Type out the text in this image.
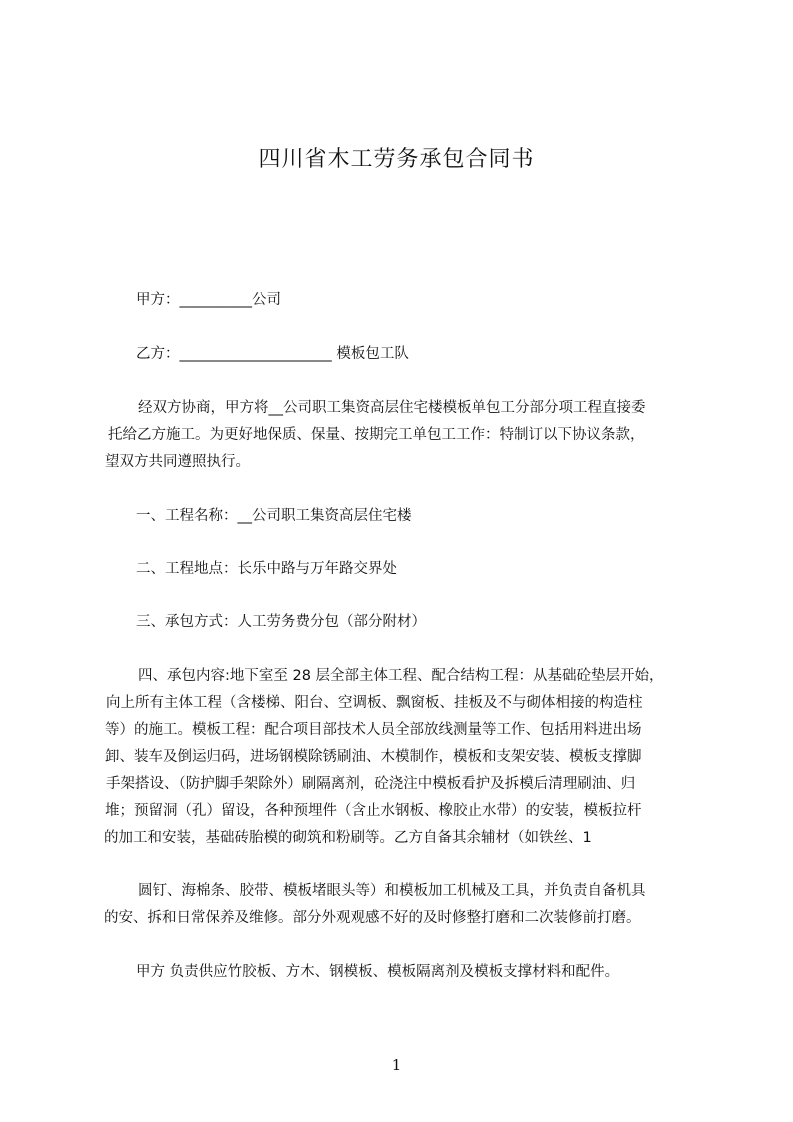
四川省木工劳务承包合同书
甲方：__________公司
乙方：_____________________ 模板包工队
经双方协商，甲方将__公司职工集资高层住宅楼模板单包工分部分项工程直接委
托给乙方施工。为更好地保质、保量、按期完工单包工工作：特制订以下协议条款，
望双方共同遵照执行。
一、工程名称：__公司职工集资高层住宅楼
二、工程地点：长乐中路与万年路交界处
三、承包方式：人工劳务费分包（部分附材）
四、承包内容:地下室至 28 层全部主体工程、配合结构工程：从基础砼垫层开始，
向上所有主体工程（含楼梯、阳台、空调板、飘窗板、挂板及不与砌体相接的构造柱
等）的施工。模板工程：配合项目部技术人员全部放线测量等工作、包括用料进出场
卸、装车及倒运归码，进场钢模除锈刷油、木模制作，模板和支架安装、模板支撑脚
手架搭设、（防护脚手架除外）刷隔离剂，砼浇注中模板看护及拆模后清理刷油、归
堆；预留洞（孔）留设，各种预埋件（含止水钢板、橡胶止水带）的安装，模板拉杆
的加工和安装，基础砖胎模的砌筑和粉刷等。乙方自备其余辅材（如铁丝、1
圆钉、海棉条、胶带、模板堵眼头等）和模板加工机械及工具，并负责自备机具
的安、拆和日常保养及维修。部分外观观感不好的及时修整打磨和二次装修前打磨。
甲方 负责供应竹胶板、方木、钢模板、模板隔离剂及模板支撑材料和配件。
1
